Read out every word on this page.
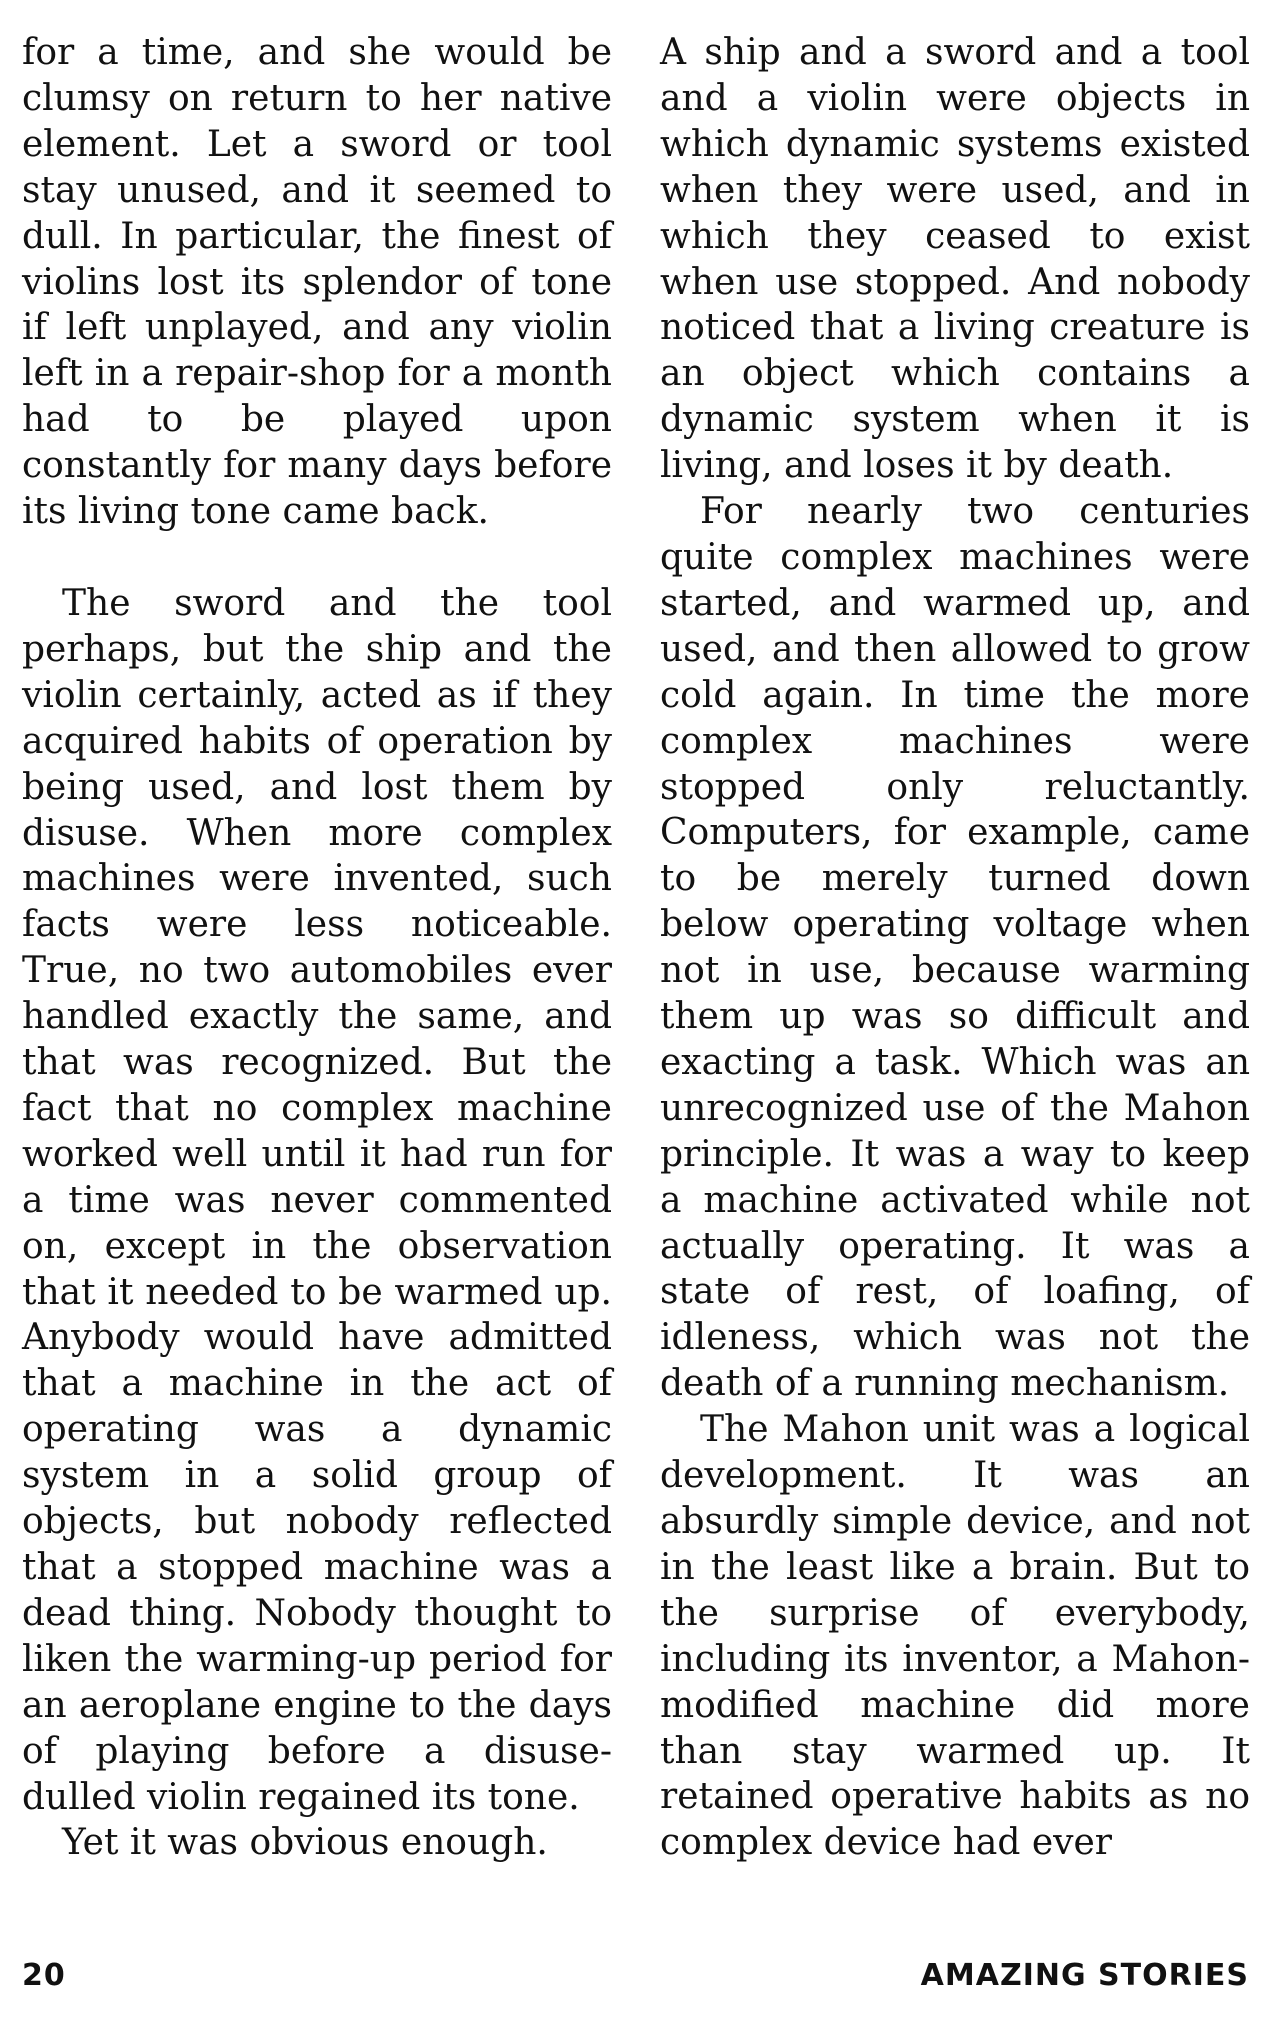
for a time, and she would be clumsy on return to her native element. Let a sword or tool stay unused, and it seemed to dull. In particular, the finest of violins lost its splendor of tone if left unplayed, and any violin left in a repair-shop for a month had to be played upon constantly for many days before its living tone came back.

The sword and the tool perhaps, but the ship and the violin certainly, acted as if they acquired habits of operation by being used, and lost them by disuse. When more complex machines were invented, such facts were less noticeable. True, no two automobiles ever handled exactly the same, and that was recognized. But the fact that no complex machine worked well until it had run for a time was never commented on, except in the observation that it needed to be warmed up. Anybody would have admitted that a machine in the act of operating was a dynamic system in a solid group of objects, but nobody reflected that a stopped machine was a dead thing. Nobody thought to liken the warming-up period for an aeroplane engine to the days of playing before a disuse-dulled violin regained its tone.

Yet it was obvious enough.

A ship and a sword and a tool and a violin were objects in which dynamic systems existed when they were used, and in which they ceased to exist when use stopped. And nobody noticed that a living creature is an object which contains a dynamic system when it is living, and loses it by death.

For nearly two centuries quite complex machines were started, and warmed up, and used, and then allowed to grow cold again. In time the more complex machines were stopped only reluctantly. Computers, for example, came to be merely turned down below operating voltage when not in use, because warming them up was so difficult and exacting a task. Which was an unrecognized use of the Mahon principle. It was a way to keep a machine activated while not actually operating. It was a state of rest, of loafing, of idleness, which was not the death of a running mechanism.

The Mahon unit was a logical development. It was an absurdly simple device, and not in the least like a brain. But to the surprise of everybody, including its inventor, a Mahon-modified machine did more than stay warmed up. It retained operative habits as no complex device had ever

20	AMAZING STORIES
